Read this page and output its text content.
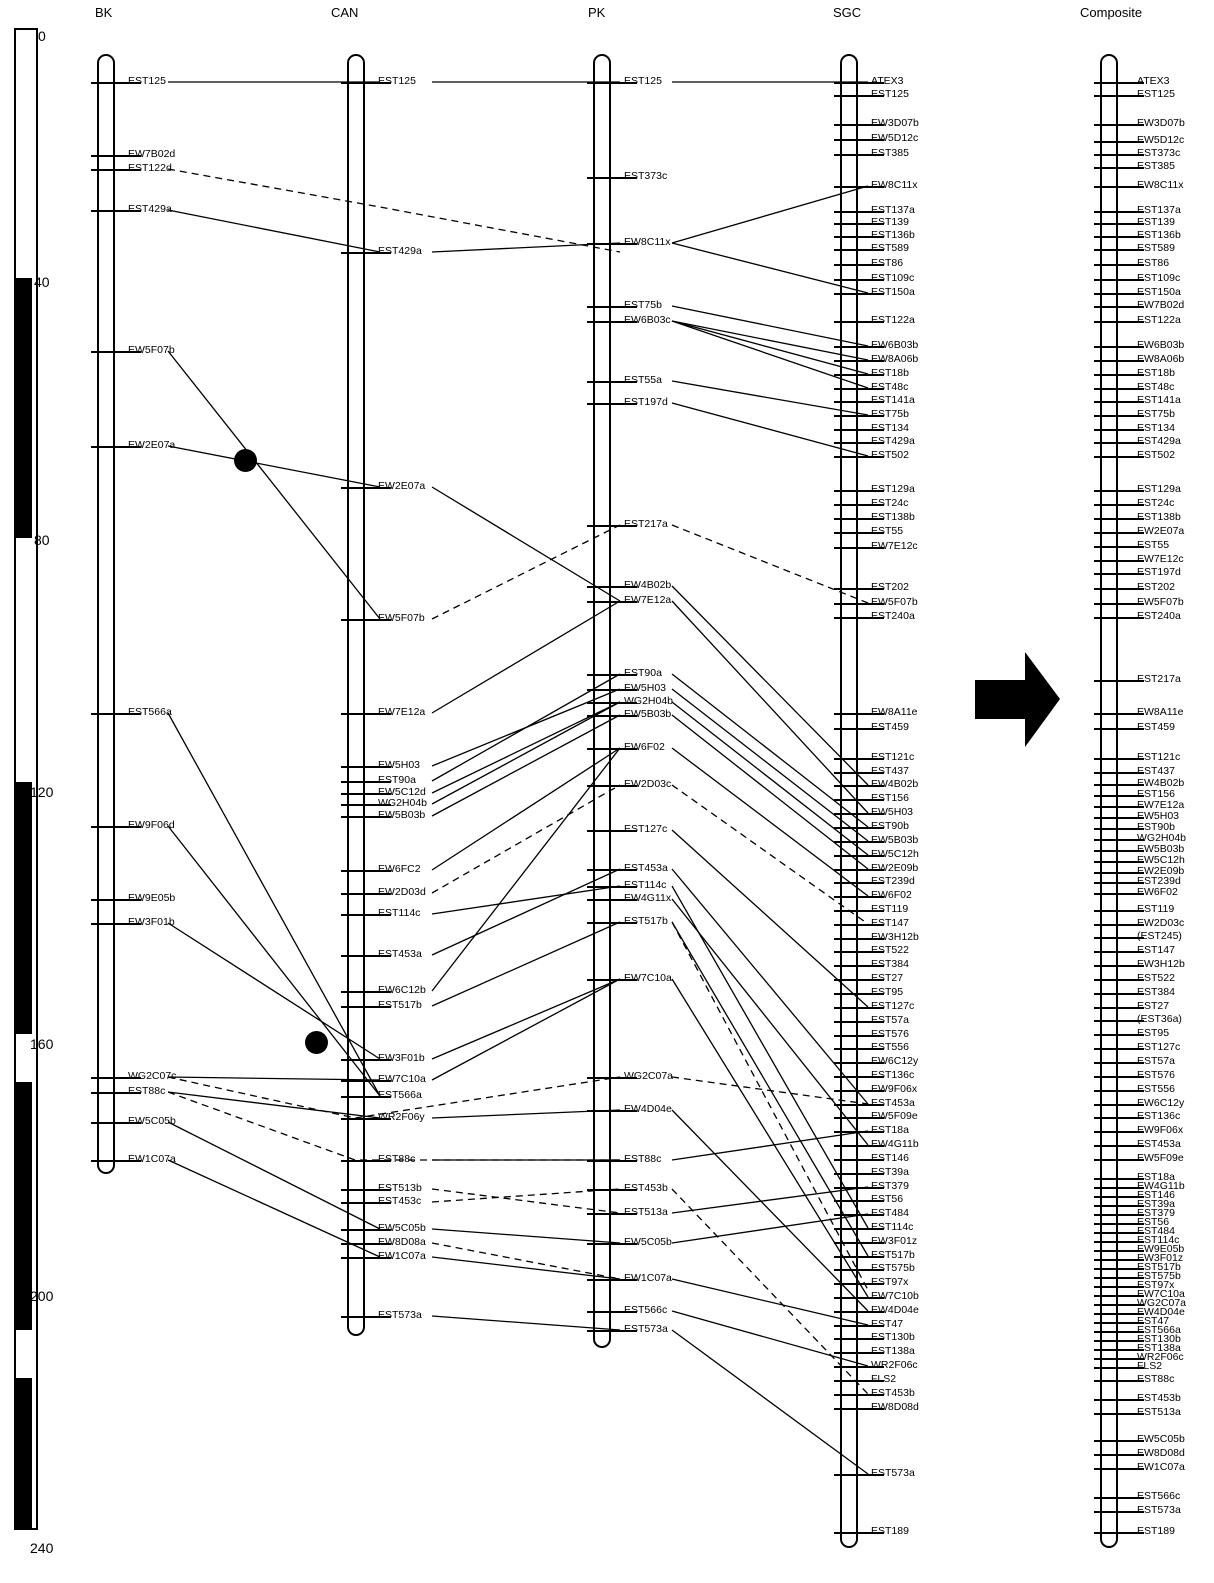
0
40
80
120
160
200
240
BK	CAN	PK	SGC	Composite
EST125
EW7B02d
EST122d
EST429a
EW5F07b
EW2E07a
EST566a
EW9F06d
EW9E05b
EW3F01b
WG2C07c
EST88c
EW5C05b
EW1C07a
EST125
EST429a
EW2E07a
EW5F07b
EW7E12a
EW5H03
EST90a
EW5C12d
WG2H04b
EW5B03b
EW6FC2
EW2D03d
EST114c
EST453a
EW6C12b
EST517b
EW3F01b
EW7C10a
EST566a
WR2F06y
EST88c
EST513b
EST453c
EW5C05b
EW8D08a
EW1C07a
EST573a
EST125
EST373c
EW8C11x
EST75b
EW6B03c
EST55a
EST197d
EST217a
EW4B02b
EW7E12a
EST90a
EW5H03
WG2H04b
EW5B03b
EW6F02
EW2D03c
EST127c
EST453a
EST114c
EW4G11x
EST517b
EW7C10a
WG2C07a
EW4D04e
EST88c
EST453b
EST513a
EW5C05b
EW1C07a
EST566c
EST573a
ATEX3
EST125
EW3D07b
EW5D12c
EST385
EW8C11x
EST137a
EST139
EST136b
EST589
EST86
EST109c
EST150a
EST122a
EW6B03b
EW8A06b
EST18b
EST48c
EST141a
EST75b
EST134
EST429a
EST502
EST129a
EST24c
EST138b
EST55
EW7E12c
EST202
EW5F07b
EST240a
EW8A11e
EST459
EST121c
EST437
EW4B02b
EST156
EW5H03
EST90b
EW5B03b
EW5C12h
EW2E09b
EST239d
EW6F02
EST119
EST147
EW3H12b
EST522
EST384
EST27
EST95
EST127c
EST57a
EST576
EST556
EW6C12y
EST136c
EW9F06x
EST453a
EW5F09e
EST18a
EW4G11b
EST146
EST39a
EST379
EST56
EST484
EST114c
EW3F01z
EST517b
EST575b
EST97x
EW7C10b
EW4D04e
EST47
EST130b
EST138a
WR2F06c
FLS2
EST453b
EW8D08d
EST573a
EST189
ATEX3
EST125
EW3D07b
EW5D12c
EST373c
EST385
EW8C11x
EST137a
EST139
EST136b
EST589
EST86
EST109c
EST150a
EW7B02d
EST122a
EW6B03b
EW8A06b
EST18b
EST48c
EST141a
EST75b
EST134
EST429a
EST502
EST129a
EST24c
EST138b
EW2E07a
EST55
EW7E12c
EST197d
EST202
EW5F07b
EST240a
EST217a
EW8A11e
EST459
EST121c
EST437
EW4B02b
EST156
EW7E12a
EW5H03
EST90b
WG2H04b
EW5B03b
EW5C12h
EW2E09b
EST239d
EW6F02
EST119
EW2D03c
(EST245)
EST147
EW3H12b
EST522
EST384
EST27
(EST36a)
EST95
EST127c
EST57a
EST576
EST556
EW6C12y
EST136c
EW9F06x
EST453a
EW5F09e
EST18a
EW4G11b
EST146
EST39a
EST379
EST56
EST484
EST114c
EW9E05b
EW3F01z
EST517b
EST575b
EST97x
EW7C10a
WG2C07a
EW4D04e
EST47
EST566a
EST130b
EST138a
WR2F06c
FLS2
EST88c
EST453b
EST513a
EW5C05b
EW8D08d
EW1C07a
EST566c
EST573a
EST189
